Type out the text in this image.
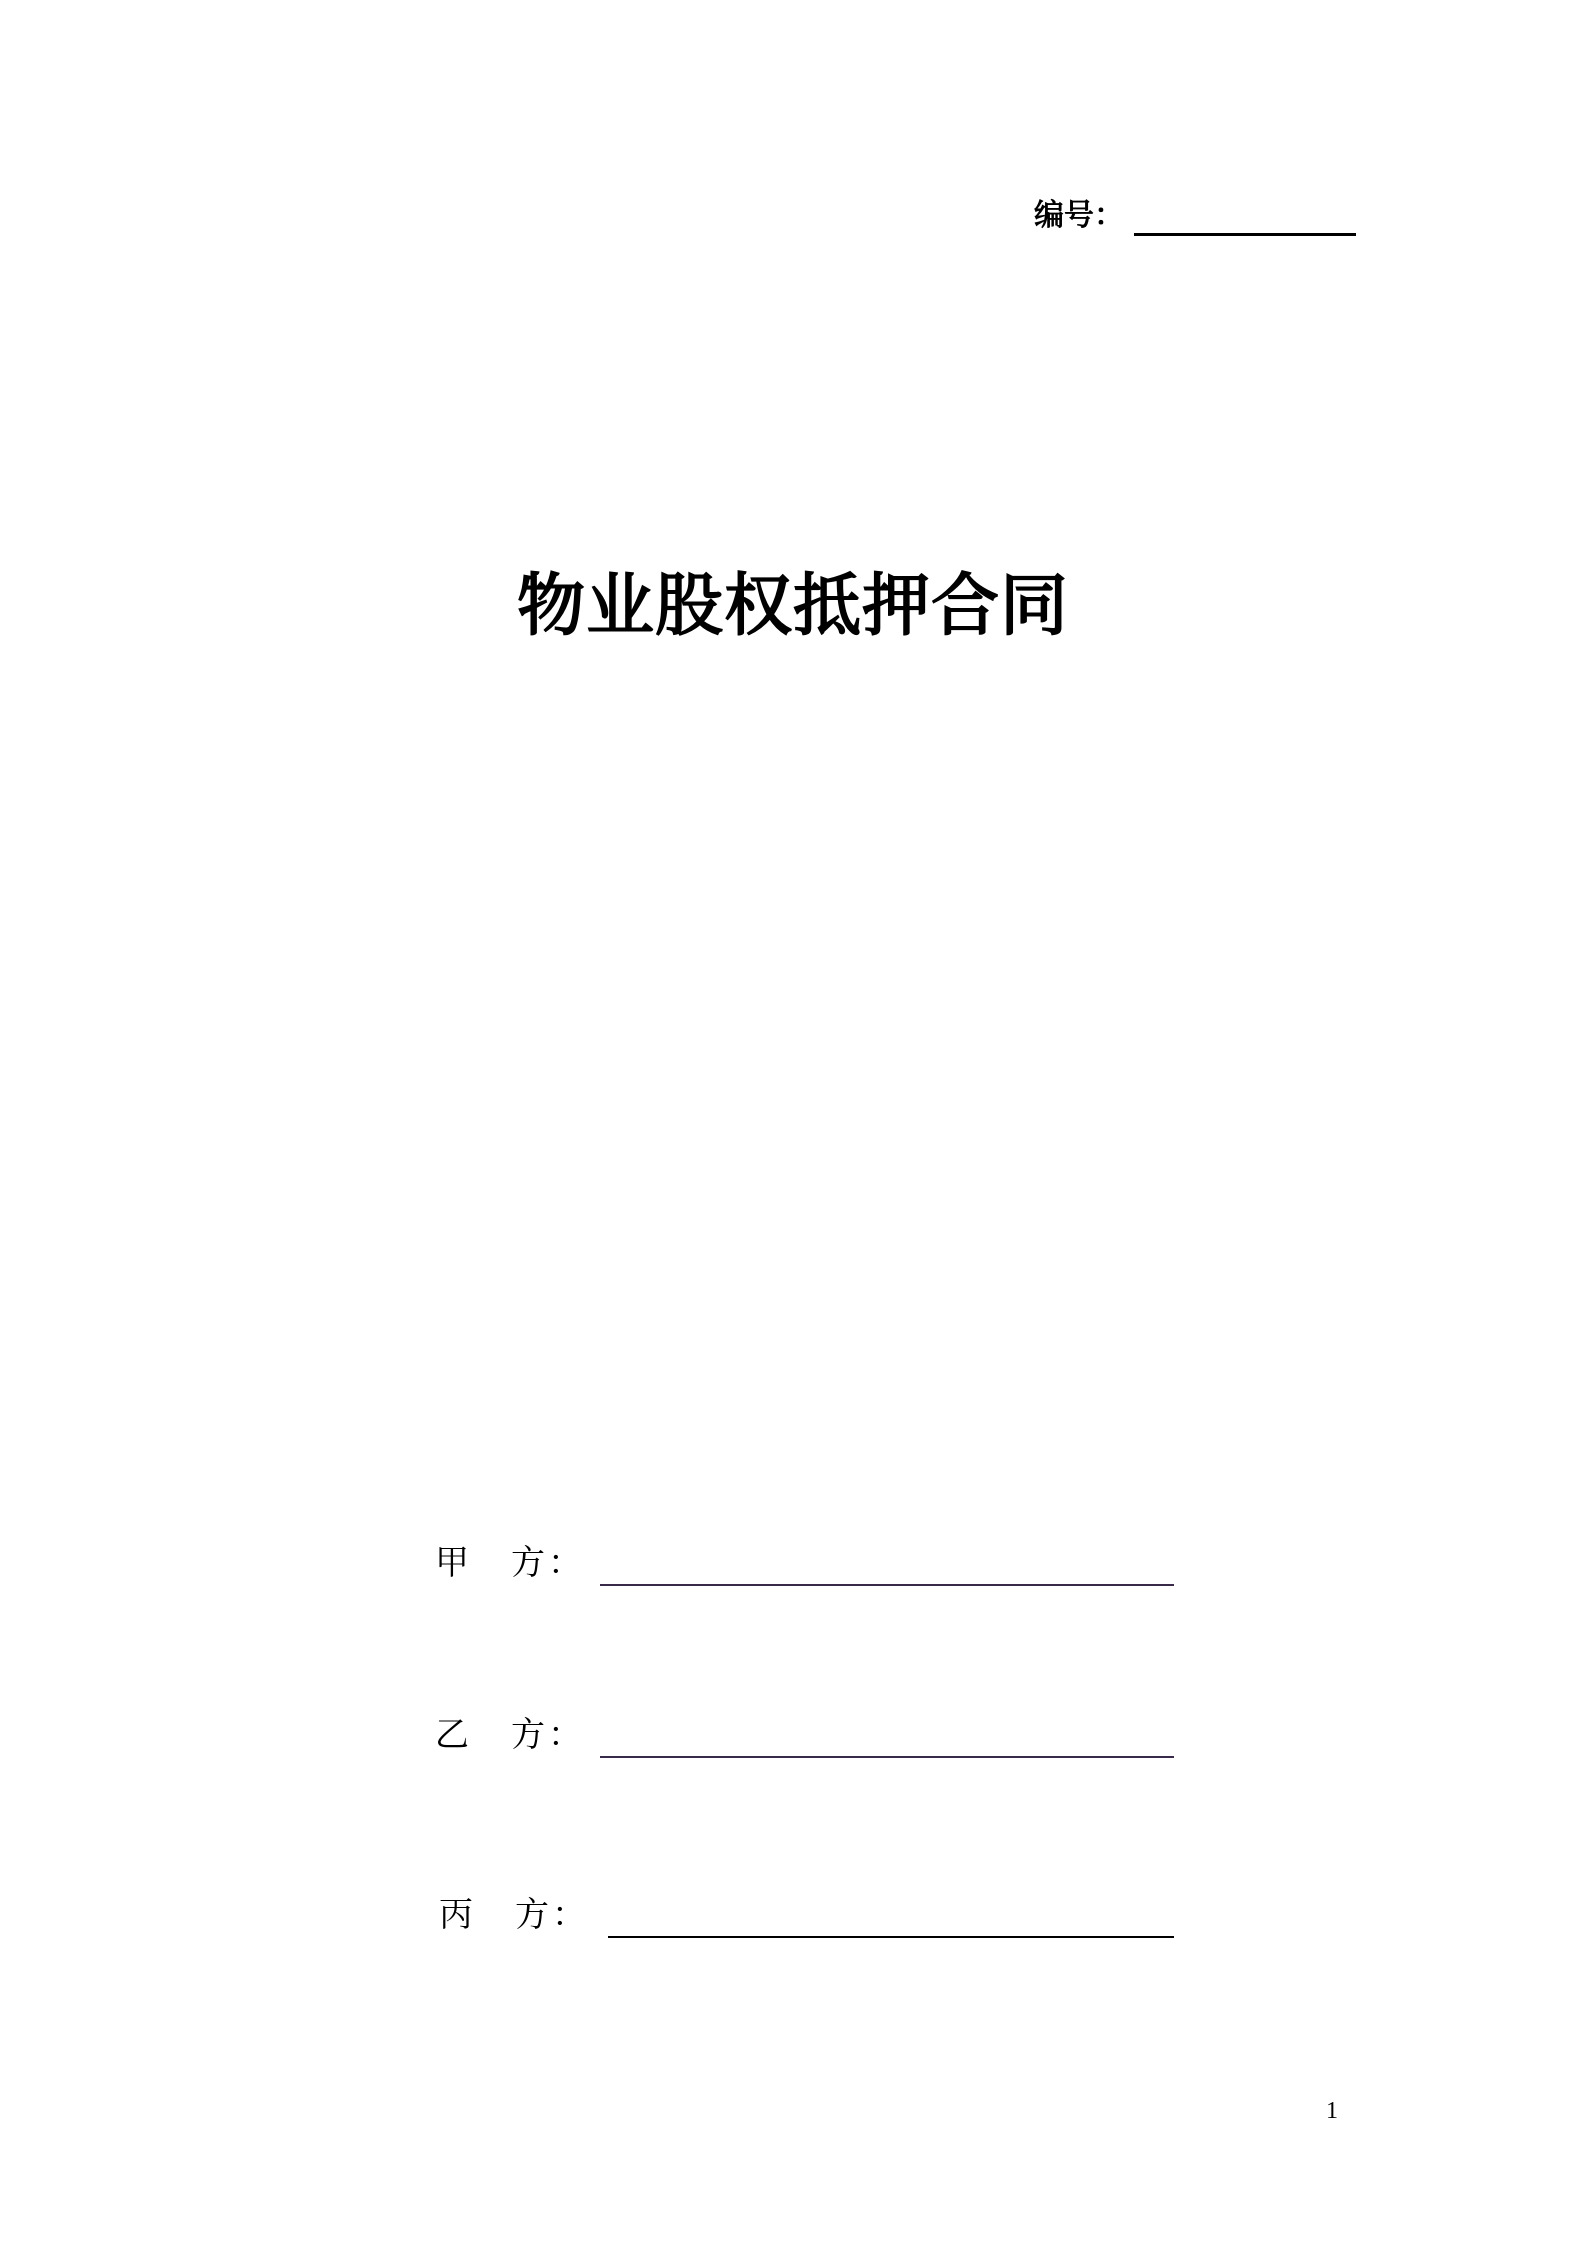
编号：
物业股权抵押合同
甲 方 ：
乙 方 ：
丙 方 ：
1
